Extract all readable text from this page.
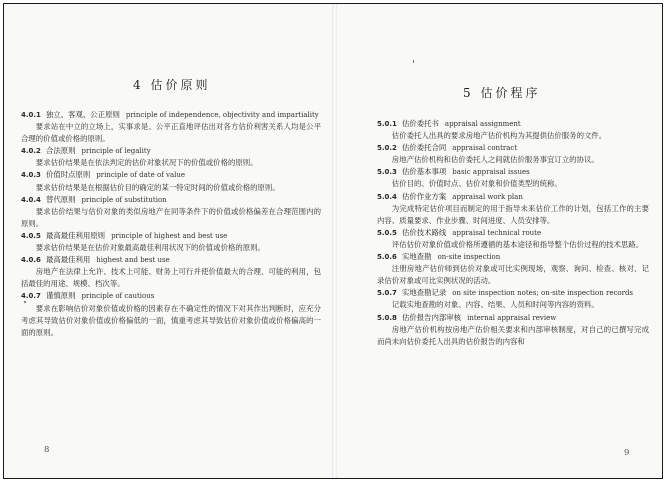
4 估价原则
4.0.1 独立、客观、公正原则 principle of independence, objectivity and impartiality
要求站在中立的立场上，实事求是、公平正直地评估出对各方估价利害关系人均是公平合理的价值或价格的原则。
4.0.2 合法原则 principle of legality
要求估价结果是在依法判定的估价对象状况下的价值或价格的原则。
4.0.3 价值时点原则 principle of date of value
要求估价结果是在根据估价目的确定的某一特定时间的价值或价格的原则。
4.0.4 替代原则 principle of substitution
要求估价结果与估价对象的类似房地产在同等条件下的价值或价格偏差在合理范围内的原则。
4.0.5 最高最佳利用原则 principle of highest and best use
要求估价结果是在估价对象最高最佳利用状况下的价值或价格的原则。
4.0.6 最高最佳利用 highest and best use
房地产在法律上允许、技术上可能、财务上可行并使价值最大的合理、可能的利用，包括最佳的用途、规模、档次等。
4.0.7 谨慎原则 principle of cautious
要求在影响估价对象价值或价格的因素存在不确定性的情况下对其作出判断时，应充分考虑其导致估价对象价值或价格偏低的一面，慎重考虑其导致估价对象价值或价格偏高的一面的原则。
8
5 估价程序
5.0.1 估价委托书 appraisal assignment
估价委托人出具的要求房地产估价机构为其提供估价服务的文件。
5.0.2 估价委托合同 appraisal contract
房地产估价机构和估价委托人之间就估价服务事宜订立的协议。
5.0.3 估价基本事项 basic appraisal issues
估价目的、价值时点、估价对象和价值类型的统称。
5.0.4 估价作业方案 appraisal work plan
为完成特定估价项目而制定的用于指导未来估价工作的计划，包括工作的主要内容、质量要求、作业步骤、时间进度、人员安排等。
5.0.5 估价技术路线 appraisal technical route
评估估价对象价值或价格所遵循的基本途径和指导整个估价过程的技术思路。
5.0.6 实地查勘 on-site inspection
注册房地产估价师到估价对象或可比实例现场，观察、询问、检查、核对、记录估价对象或可比实例状况的活动。
5.0.7 实地查勘记录 on site inspection notes; on-site inspection records
记载实地查勘的对象、内容、结果、人员和时间等内容的资料。
5.0.8 估价报告内部审核 internal appraisal review
房地产估价机构按房地产估价相关要求和内部审核制度，对自己的已撰写完成而尚未向估价委托人出具的估价报告的内容和
9
